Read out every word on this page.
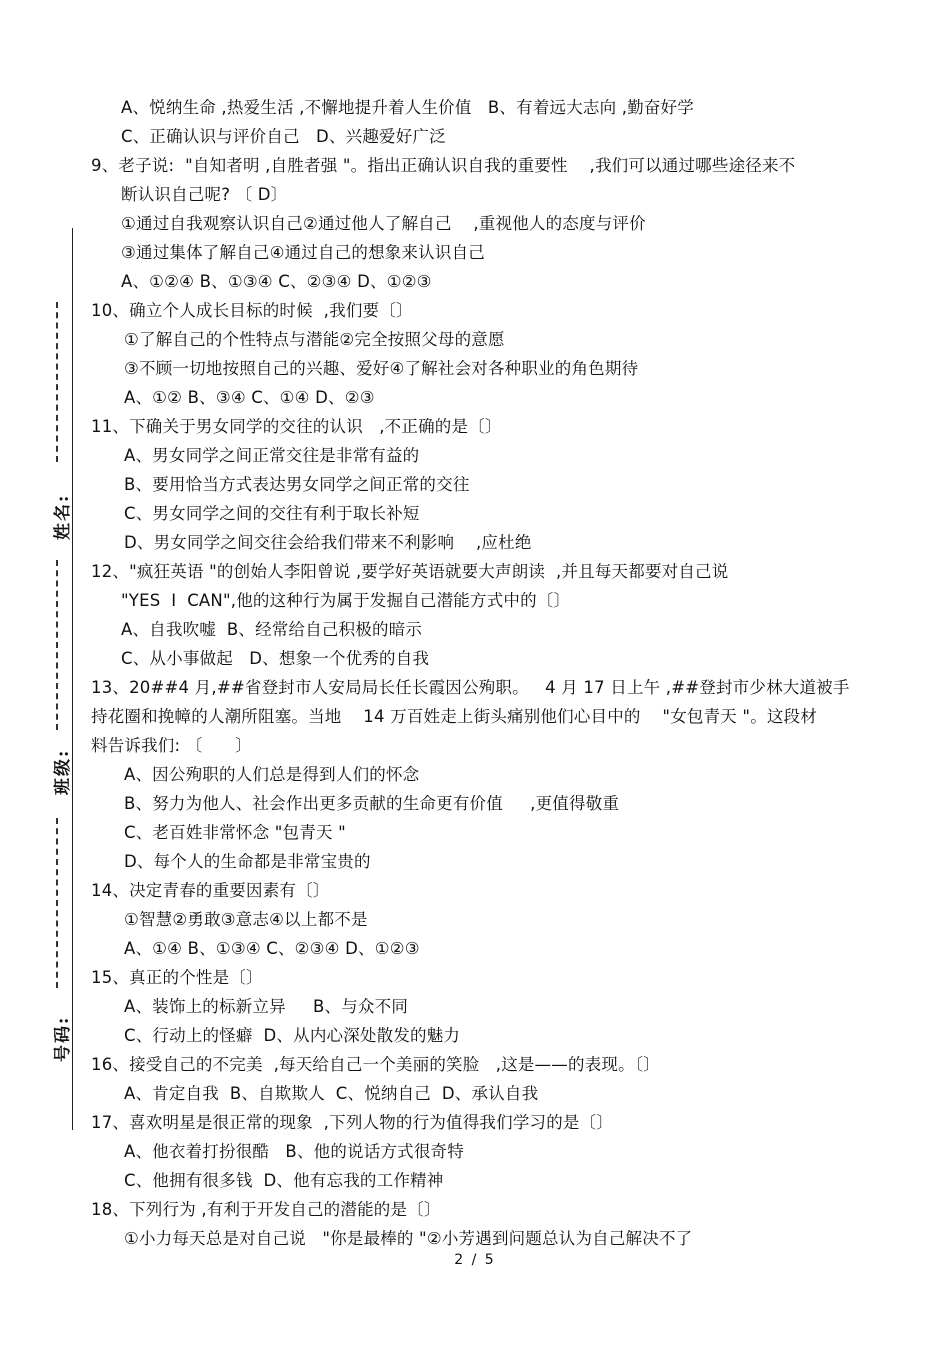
姓名:
班级:
号码:
A、悦纳生命 ,热爱生活 ,不懈地提升着人生价值   B、有着远大志向 ,勤奋好学
C、正确认识与评价自己   D、兴趣爱好广泛
9、老子说:  "自知者明 ,自胜者强 "。指出正确认识自我的重要性    ,我们可以通过哪些途径来不
断认识自己呢? 〔 D〕
①通过自我观察认识自己②通过他人了解自己    ,重视他人的态度与评价
③通过集体了解自己④通过自己的想象来认识自己
A、①②④ B、①③④ C、②③④ D、①②③
10、确立个人成长目标的时候  ,我们要〔〕
①了解自己的个性特点与潜能②完全按照父母的意愿
③不顾一切地按照自己的兴趣、爱好④了解社会对各种职业的角色期待
A、①② B、③④ C、①④ D、②③
11、下确关于男女同学的交往的认识   ,不正确的是〔〕
A、男女同学之间正常交往是非常有益的
B、要用恰当方式表达男女同学之间正常的交往
C、男女同学之间的交往有利于取长补短
D、男女同学之间交往会给我们带来不利影响    ,应杜绝
12、"疯狂英语 "的创始人李阳曾说 ,要学好英语就要大声朗读  ,并且每天都要对自己说
"YES  I  CAN",他的这种行为属于发掘自己潜能方式中的〔〕
A、自我吹嘘  B、经常给自己积极的暗示
C、从小事做起   D、想象一个优秀的自我
13、20##4 月,##省登封市人安局局长任长霞因公殉职。   4 月 17 日上午 ,##登封市少林大道被手
持花圈和挽幛的人潮所阻塞。当地    14 万百姓走上街头痛别他们心目中的    "女包青天 "。这段材
料告诉我们: 〔      〕
A、因公殉职的人们总是得到人们的怀念
B、努力为他人、社会作出更多贡献的生命更有价值     ,更值得敬重
C、老百姓非常怀念 "包青天 "
D、每个人的生命都是非常宝贵的
14、决定青春的重要因素有〔〕
①智慧②勇敢③意志④以上都不是
A、①④ B、①③④ C、②③④ D、①②③
15、真正的个性是〔〕
A、装饰上的标新立异     B、与众不同
C、行动上的怪癖  D、从内心深处散发的魅力
16、接受自己的不完美  ,每天给自己一个美丽的笑脸   ,这是——的表现。〔〕
A、肯定自我  B、自欺欺人  C、悦纳自己  D、承认自我
17、喜欢明星是很正常的现象  ,下列人物的行为值得我们学习的是〔〕
A、他衣着打扮很酷   B、他的说话方式很奇特
C、他拥有很多钱  D、他有忘我的工作精神
18、下列行为 ,有利于开发自己的潜能的是〔〕
①小力每天总是对自己说   "你是最棒的 "②小芳遇到问题总认为自己解决不了
2 / 5
